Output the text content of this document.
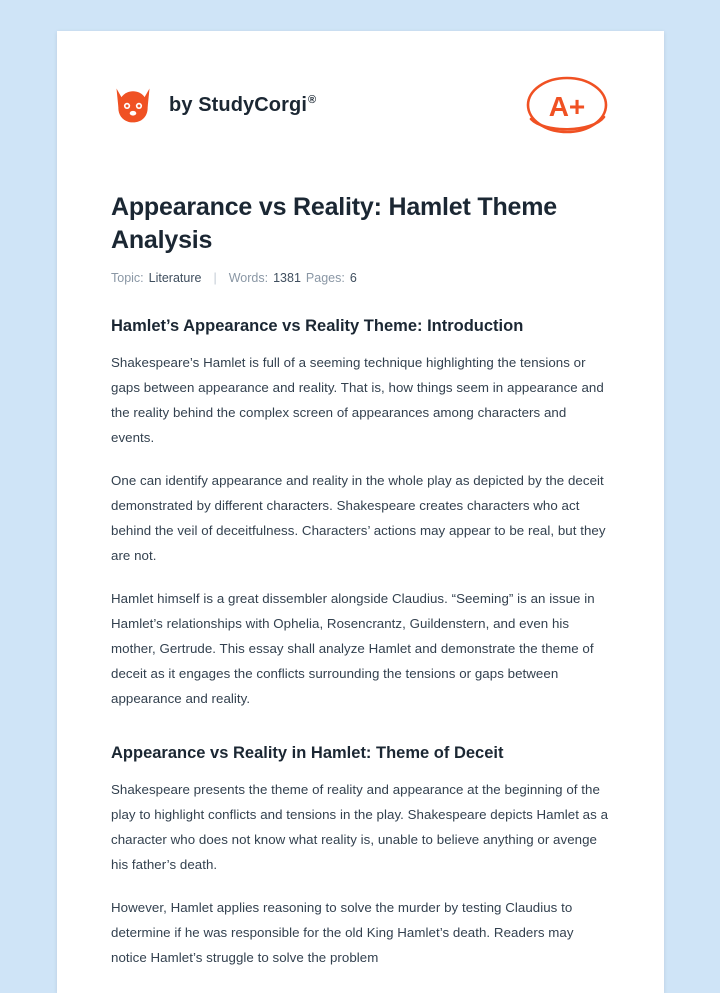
by StudyCorgi®	A+
Appearance vs Reality: Hamlet Theme Analysis
Topic: Literature | Words: 1381 Pages: 6
Hamlet’s Appearance vs Reality Theme: Introduction

Shakespeare’s Hamlet is full of a seeming technique highlighting the tensions or gaps between appearance and reality. That is, how things seem in appearance and the reality behind the complex screen of appearances among characters and events.

One can identify appearance and reality in the whole play as depicted by the deceit demonstrated by different characters. Shakespeare creates characters who act behind the veil of deceitfulness. Characters’ actions may appear to be real, but they are not.

Hamlet himself is a great dissembler alongside Claudius. “Seeming” is an issue in Hamlet’s relationships with Ophelia, Rosencrantz, Guildenstern, and even his mother, Gertrude. This essay shall analyze Hamlet and demonstrate the theme of deceit as it engages the conflicts surrounding the tensions or gaps between appearance and reality.

Appearance vs Reality in Hamlet: Theme of Deceit

Shakespeare presents the theme of reality and appearance at the beginning of the play to highlight conflicts and tensions in the play. Shakespeare depicts Hamlet as a character who does not know what reality is, unable to believe anything or avenge his father’s death.

However, Hamlet applies reasoning to solve the murder by testing Claudius to determine if he was responsible for the old King Hamlet’s death. Readers may notice Hamlet’s struggle to solve the problem
